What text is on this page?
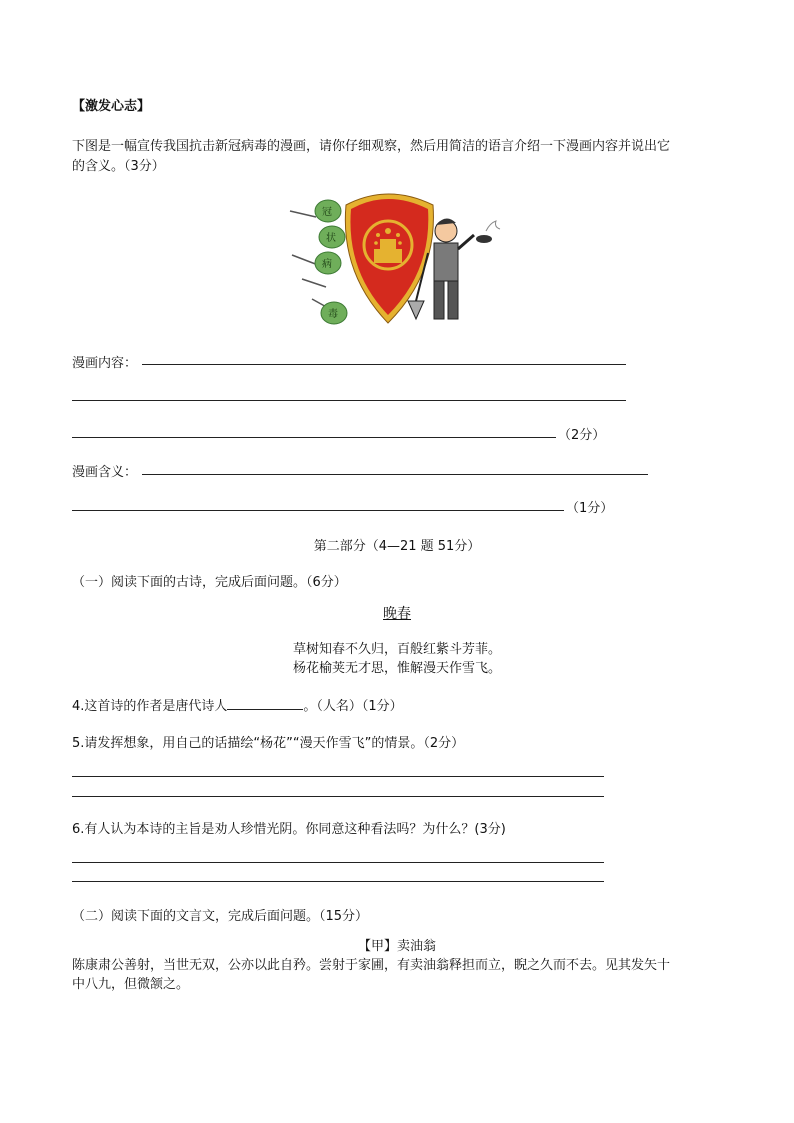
【激发心志】
下图是一幅宣传我国抗击新冠病毒的漫画，请你仔细观察，然后用简洁的语言介绍一下漫画内容并说出它
的含义。（3分）
冠
状
病
毒
漫画内容：
（2分）
漫画含义：
（1分）
第二部分（4—21 题 51分）
（一）阅读下面的古诗，完成后面问题。（6分）
晚春
草树知春不久归，百般红紫斗芳菲。
杨花榆荚无才思，惟解漫天作雪飞。
4.这首诗的作者是唐代诗人	。（人名）（1分）
5.请发挥想象，用自己的话描绘“杨花”“漫天作雪飞”的情景。（2分）
6.有人认为本诗的主旨是劝人珍惜光阴。你同意这种看法吗？为什么？(3分)
（二）阅读下面的文言文，完成后面问题。（15分）
【甲】卖油翁
陈康肃公善射，当世无双，公亦以此自矜。尝射于家圃，有卖油翁释担而立，睨之久而不去。见其发矢十
中八九，但微颔之。
